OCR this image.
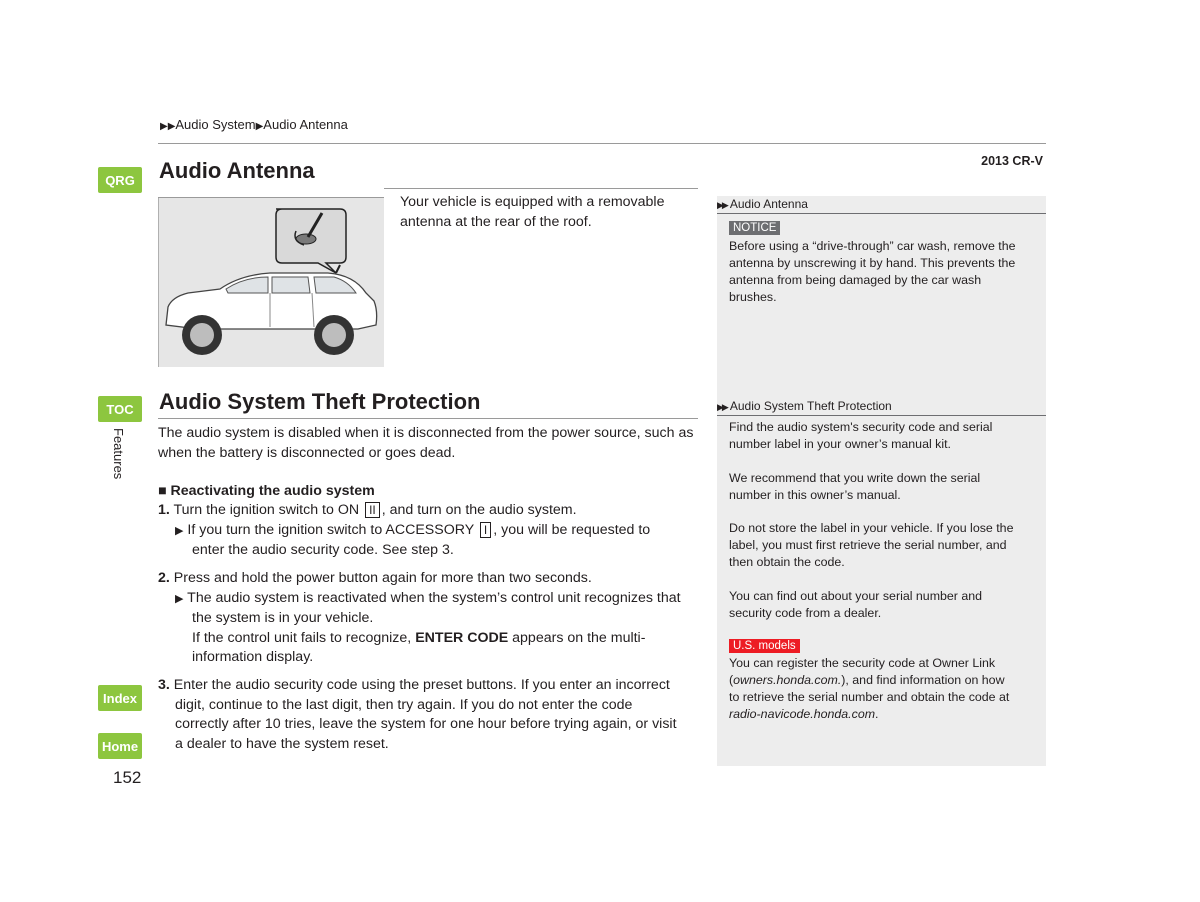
▶▶Audio System▶Audio Antenna
2013 CR-V
QRG
TOC
Features
Index
Home
Audio Antenna
Your vehicle is equipped with a removable
antenna at the rear of the roof.
▶▶ Audio Antenna
NOTICE
Before using a “drive-through” car wash, remove the
antenna by unscrewing it by hand. This prevents the
antenna from being damaged by the car wash
brushes.
Audio System Theft Protection
The audio system is disabled when it is disconnected from the power source, such as
when the battery is disconnected or goes dead.
■ Reactivating the audio system
1. Turn the ignition switch to ON II , and turn on the audio system.
▶ If you turn the ignition switch to ACCESSORY I , you will be requested to
enter the audio security code. See step 3.
2. Press and hold the power button again for more than two seconds.
▶ The audio system is reactivated when the system’s control unit recognizes that
the system is in your vehicle.
If the control unit fails to recognize, ENTER CODE appears on the multi-
information display.
3. Enter the audio security code using the preset buttons. If you enter an incorrect
digit, continue to the last digit, then try again. If you do not enter the code
correctly after 10 tries, leave the system for one hour before trying again, or visit
a dealer to have the system reset.
▶▶ Audio System Theft Protection
Find the audio system's security code and serial
number label in your owner’s manual kit.
We recommend that you write down the serial
number in this owner’s manual.
Do not store the label in your vehicle. If you lose the
label, you must first retrieve the serial number, and
then obtain the code.
You can find out about your serial number and
security code from a dealer.
U.S. models
You can register the security code at Owner Link
(owners.honda.com.), and find information on how
to retrieve the serial number and obtain the code at
radio-navicode.honda.com.
152
